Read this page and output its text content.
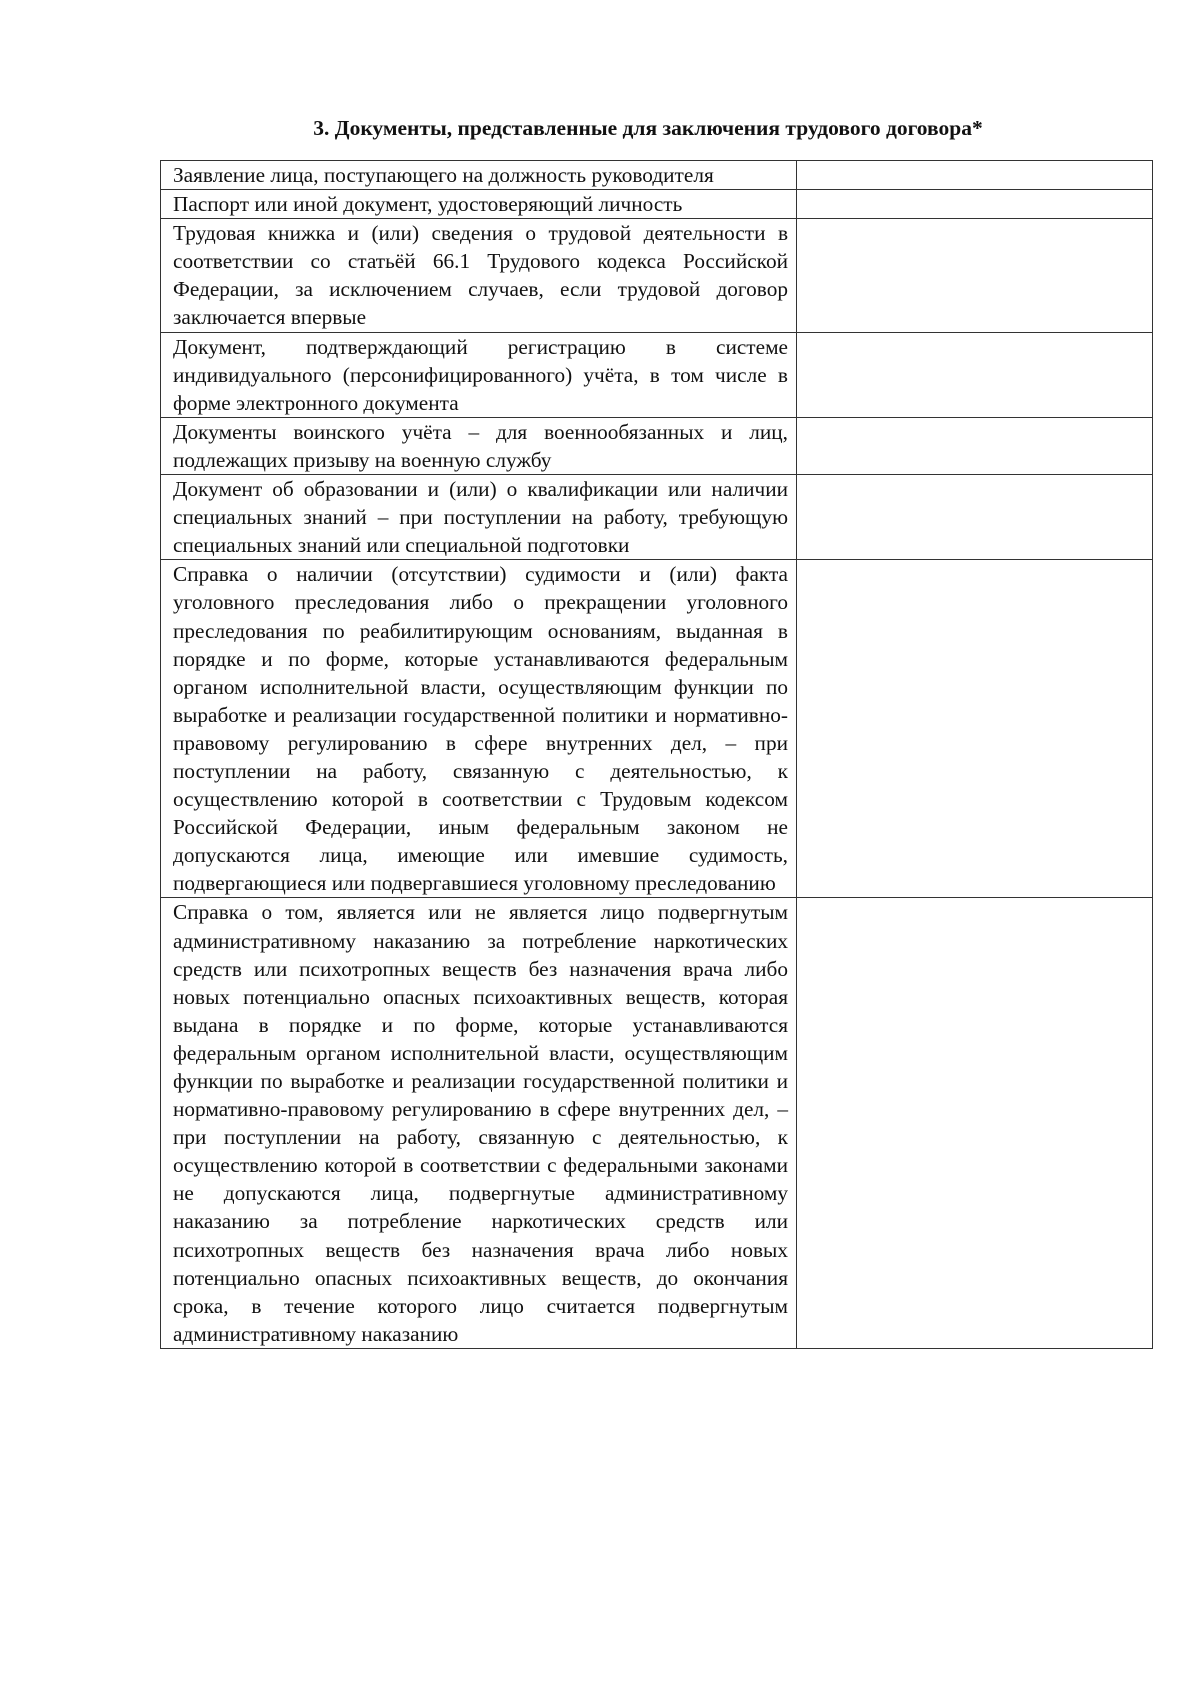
3. Документы, представленные для заключения трудового договора*
Заявление лица, поступающего на должность руководителя	
Паспорт или иной документ, удостоверяющий личность	
Трудовая книжка и (или) сведения о трудовой деятельности в соответствии со статьёй 66.1 Трудового кодекса Российской Федерации, за исключением случаев, если трудовой договор заключается впервые	
Документ, подтверждающий регистрацию в системе индивидуального (персонифицированного) учёта, в том числе в форме электронного документа	
Документы воинского учёта – для военнообязанных и лиц, подлежащих призыву на военную службу	
Документ об образовании и (или) о квалификации или наличии специальных знаний – при поступлении на работу, требующую специальных знаний или специальной подготовки	
Справка о наличии (отсутствии) судимости и (или) факта уголовного преследования либо о прекращении уголовного преследования по реабилитирующим основаниям, выданная в порядке и по форме, которые устанавливаются федеральным органом исполнительной власти, осуществляющим функции по выработке и реализации государственной политики и нормативно-правовому регулированию в сфере внутренних дел, – при поступлении на работу, связанную с деятельностью, к осуществлению которой в соответствии с Трудовым кодексом Российской Федерации, иным федеральным законом не допускаются лица, имеющие или имевшие судимость, подвергающиеся или подвергавшиеся уголовному преследованию	
Справка о том, является или не является лицо подвергнутым административному наказанию за потребление наркотических средств или психотропных веществ без назначения врача либо новых потенциально опасных психоактивных веществ, которая выдана в порядке и по форме, которые устанавливаются федеральным органом исполнительной власти, осуществляющим функции по выработке и реализации государственной политики и нормативно-правовому регулированию в сфере внутренних дел, – при поступлении на работу, связанную с деятельностью, к осуществлению которой в соответствии с федеральными законами не допускаются лица, подвергнутые административному наказанию за потребление наркотических средств или психотропных веществ без назначения врача либо новых потенциально опасных психоактивных веществ, до окончания срока, в течение которого лицо считается подвергнутым административному наказанию	
